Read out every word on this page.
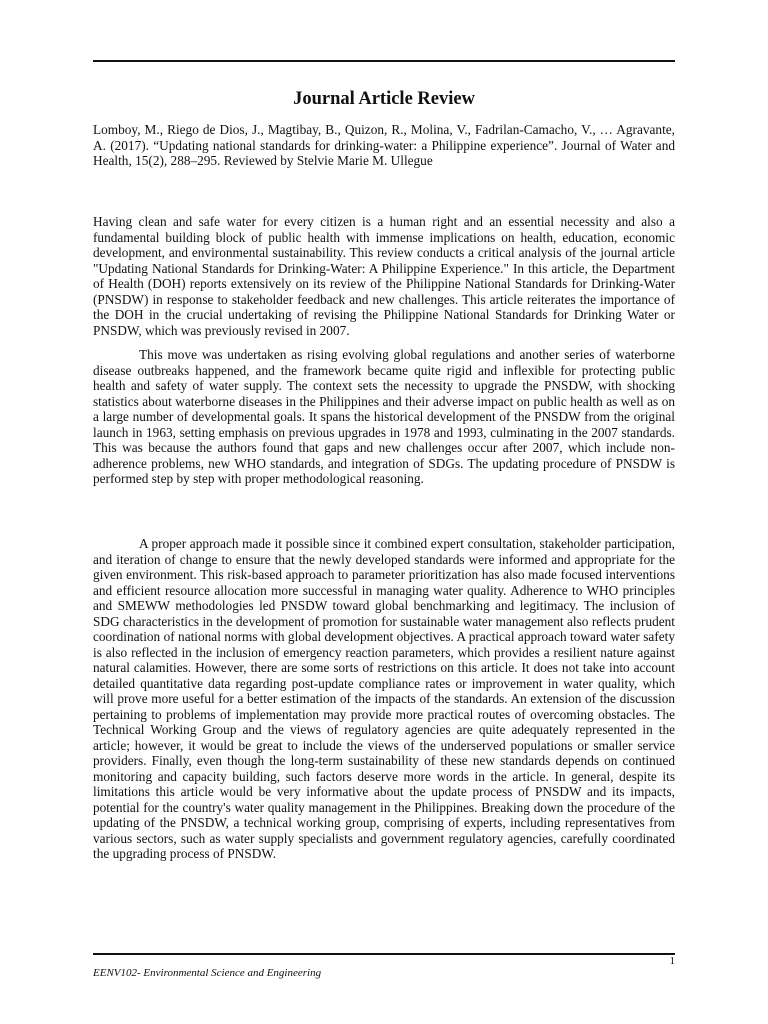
Journal Article Review

Lomboy, M., Riego de Dios, J., Magtibay, B., Quizon, R., Molina, V., Fadrilan-Camacho, V., … Agravante, A. (2017). “Updating national standards for drinking-water: a Philippine experience”. Journal of Water and Health, 15(2), 288–295. Reviewed by Stelvie Marie M. Ullegue

Having clean and safe water for every citizen is a human right and an essential necessity and also a fundamental building block of public health with immense implications on health, education, economic development, and environmental sustainability. This review conducts a critical analysis of the journal article "Updating National Standards for Drinking-Water: A Philippine Experience." In this article, the Department of Health (DOH) reports extensively on its review of the Philippine National Standards for Drinking-Water (PNSDW) in response to stakeholder feedback and new challenges. This article reiterates the importance of the DOH in the crucial undertaking of revising the Philippine National Standards for Drinking Water or PNSDW, which was previously revised in 2007.

This move was undertaken as rising evolving global regulations and another series of waterborne disease outbreaks happened, and the framework became quite rigid and inflexible for protecting public health and safety of water supply. The context sets the necessity to upgrade the PNSDW, with shocking statistics about waterborne diseases in the Philippines and their adverse impact on public health as well as on a large number of developmental goals. It spans the historical development of the PNSDW from the original launch in 1963, setting emphasis on previous upgrades in 1978 and 1993, culminating in the 2007 standards. This was because the authors found that gaps and new challenges occur after 2007, which include non-adherence problems, new WHO standards, and integration of SDGs. The updating procedure of PNSDW is performed step by step with proper methodological reasoning.

A proper approach made it possible since it combined expert consultation, stakeholder participation, and iteration of change to ensure that the newly developed standards were informed and appropriate for the given environment. This risk-based approach to parameter prioritization has also made focused interventions and efficient resource allocation more successful in managing water quality. Adherence to WHO principles and SMEWW methodologies led PNSDW toward global benchmarking and legitimacy. The inclusion of SDG characteristics in the development of promotion for sustainable water management also reflects prudent coordination of national norms with global development objectives. A practical approach toward water safety is also reflected in the inclusion of emergency reaction parameters, which provides a resilient nature against natural calamities. However, there are some sorts of restrictions on this article. It does not take into account detailed quantitative data regarding post-update compliance rates or improvement in water quality, which will prove more useful for a better estimation of the impacts of the standards. An extension of the discussion pertaining to problems of implementation may provide more practical routes of overcoming obstacles. The Technical Working Group and the views of regulatory agencies are quite adequately represented in the article; however, it would be great to include the views of the underserved populations or smaller service providers. Finally, even though the long-term sustainability of these new standards depends on continued monitoring and capacity building, such factors deserve more words in the article. In general, despite its limitations this article would be very informative about the update process of PNSDW and its impacts, potential for the country's water quality management in the Philippines. Breaking down the procedure of the updating of the PNSDW, a technical working group, comprising of experts, including representatives from various sectors, such as water supply specialists and government regulatory agencies, carefully coordinated the upgrading process of PNSDW.

1
EENV102- Environmental Science and Engineering
